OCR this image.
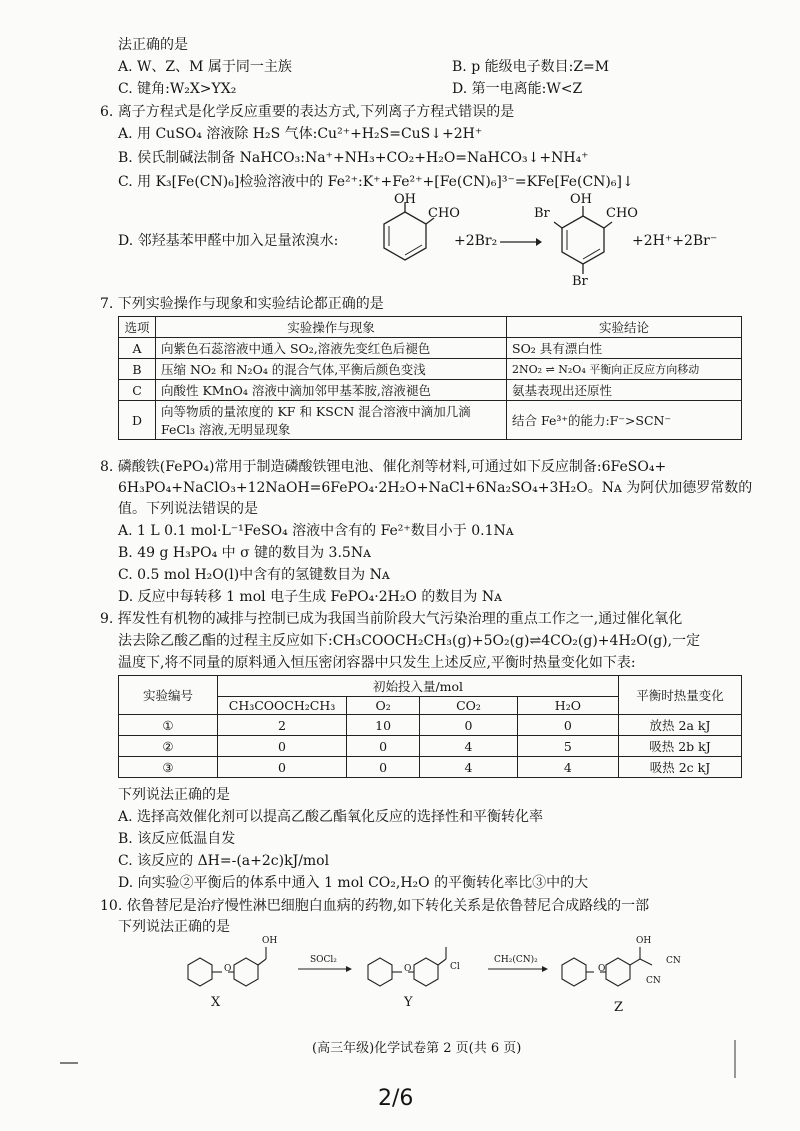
法正确的是
A. W、Z、M 属于同一主族	B. p 能级电子数目:Z=M
C. 键角:W₂X>YX₂	D. 第一电离能:W<Z
6. 离子方程式是化学反应重要的表达方式,下列离子方程式错误的是
A. 用 CuSO₄ 溶液除 H₂S 气体:Cu²⁺+H₂S=CuS↓+2H⁺
B. 侯氏制碱法制备 NaHCO₃:Na⁺+NH₃+CO₂+H₂O=NaHCO₃↓+NH₄⁺
C. 用 K₃[Fe(CN)₆]检验溶液中的 Fe²⁺:K⁺+Fe²⁺+[Fe(CN)₆]³⁻=KFe[Fe(CN)₆]↓
D. 邻羟基苯甲醛中加入足量浓溴水:
OH
CHO
+2Br₂ →
OH
CHO
Br
Br
+2H⁺+2Br⁻
7. 下列实验操作与现象和实验结论都正确的是
选项	实验操作与现象	实验结论
A	向紫色石蕊溶液中通入 SO₂,溶液先变红色后褪色	SO₂ 具有漂白性
B	压缩 NO₂ 和 N₂O₄ 的混合气体,平衡后颜色变浅	2NO₂ ⇌ N₂O₄ 平衡向正反应方向移动
C	向酸性 KMnO₄ 溶液中滴加邻甲基苯胺,溶液褪色	氨基表现出还原性
D	向等物质的量浓度的 KF 和 KSCN 混合溶液中滴加几滴 FeCl₃ 溶液,无明显现象	结合 Fe³⁺的能力:F⁻>SCN⁻
8. 磷酸铁(FePO₄)常用于制造磷酸铁锂电池、催化剂等材料,可通过如下反应制备:6FeSO₄+
6H₃PO₄+NaClO₃+12NaOH=6FePO₄·2H₂O+NaCl+6Na₂SO₄+3H₂O。Nᴀ 为阿伏加德罗常数的
值。下列说法错误的是
A. 1 L 0.1 mol·L⁻¹FeSO₄ 溶液中含有的 Fe²⁺数目小于 0.1Nᴀ
B. 49 g H₃PO₄ 中 σ 键的数目为 3.5Nᴀ
C. 0.5 mol H₂O(l)中含有的氢键数目为 Nᴀ
D. 反应中每转移 1 mol 电子生成 FePO₄·2H₂O 的数目为 Nᴀ
9. 挥发性有机物的减排与控制已成为我国当前阶段大气污染治理的重点工作之一,通过催化氧化
法去除乙酸乙酯的过程主反应如下:CH₃COOCH₂CH₃(g)+5O₂(g)⇌4CO₂(g)+4H₂O(g),一定
温度下,将不同量的原料通入恒压密闭容器中只发生上述反应,平衡时热量变化如下表:
实验编号	初始投入量/mol				平衡时热量变化
	CH₃COOCH₂CH₃	O₂	CO₂	H₂O	
①	2	10	0	0	放热 2a kJ
②	0	0	4	5	吸热 2b kJ
③	0	0	4	4	吸热 2c kJ
下列说法正确的是
A. 选择高效催化剂可以提高乙酸乙酯氧化反应的选择性和平衡转化率
B. 该反应低温自发
C. 该反应的 ΔH=-(a+2c)kJ/mol
D. 向实验②平衡后的体系中通入 1 mol CO₂,H₂O 的平衡转化率比③中的大
10. 依鲁替尼是治疗慢性淋巴细胞白血病的药物,如下转化关系是依鲁替尼合成路线的一部
下列说法正确的是
OH
O
SOCl₂
O	Cl
CH₂(CN)₂
O
OH
CN
CN
X	Y	Z
(高三年级)化学试卷第 2 页(共 6 页)
2/6
